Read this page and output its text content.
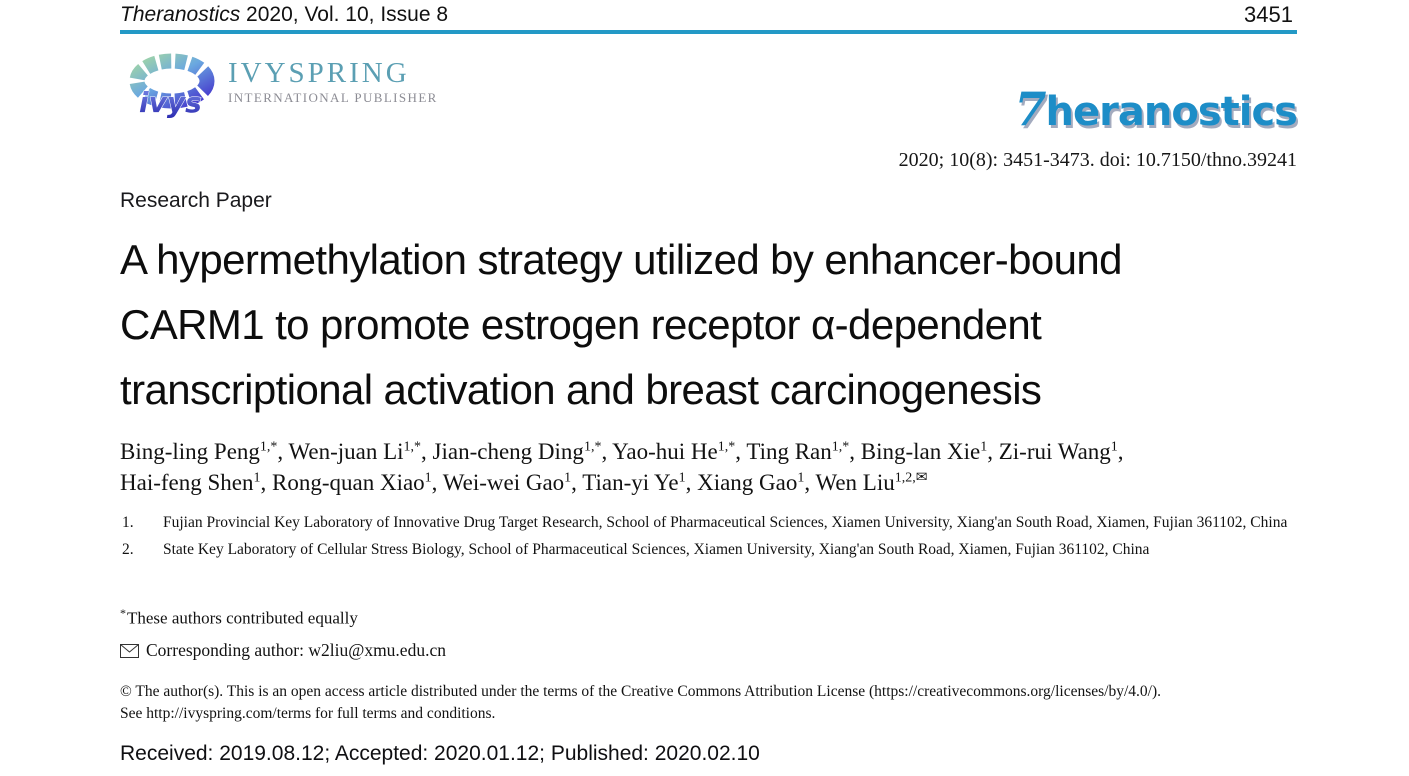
Theranostics 2020, Vol. 10, Issue 8	3451
ivys
IVYSPRING
INTERNATIONAL PUBLISHER	7heranostics
2020; 10(8): 3451-3473. doi: 10.7150/thno.39241
Research Paper
A hypermethylation strategy utilized by enhancer-bound
CARM1 to promote estrogen receptor α-dependent
transcriptional activation and breast carcinogenesis
Bing-ling Peng$^{1,*}$, Wen-juan $Li^{1,*}$, Jian-cheng Ding$^{1,*}$, Yao-hui $He^{1,*}$, Ting Ran$^{1,*}$, Bing-lan Xie$^1$, Zi-rui Wang$^1$,
Hai-feng Shen$^1$, Rong-quan Xiao$^1$, Wei-wei Gao$^1$, Tian-yi Ye$^1$, Xiang Gao$^1$, Wen Liu$^{1,2,✉}$
Fujian Provincial Key Laboratory of Innovative Drug Target Research, School of Pharmaceutical Sciences, Xiamen University, Xiang'an South Road, Xiamen, Fujian 361102, China
State Key Laboratory of Cellular Stress Biology, School of Pharmaceutical Sciences, Xiamen University, Xiang'an South Road, Xiamen, Fujian 361102, China
*These authors contributed equally
Corresponding author: w2liu@xmu.edu.cn
© The author(s). This is an open access article distributed under the terms of the Creative Commons Attribution License (https://creativecommons.org/licenses/by/4.0/).
See http://ivyspring.com/terms for full terms and conditions.
Received: 2019.08.12; Accepted: 2020.01.12; Published: 2020.02.10
